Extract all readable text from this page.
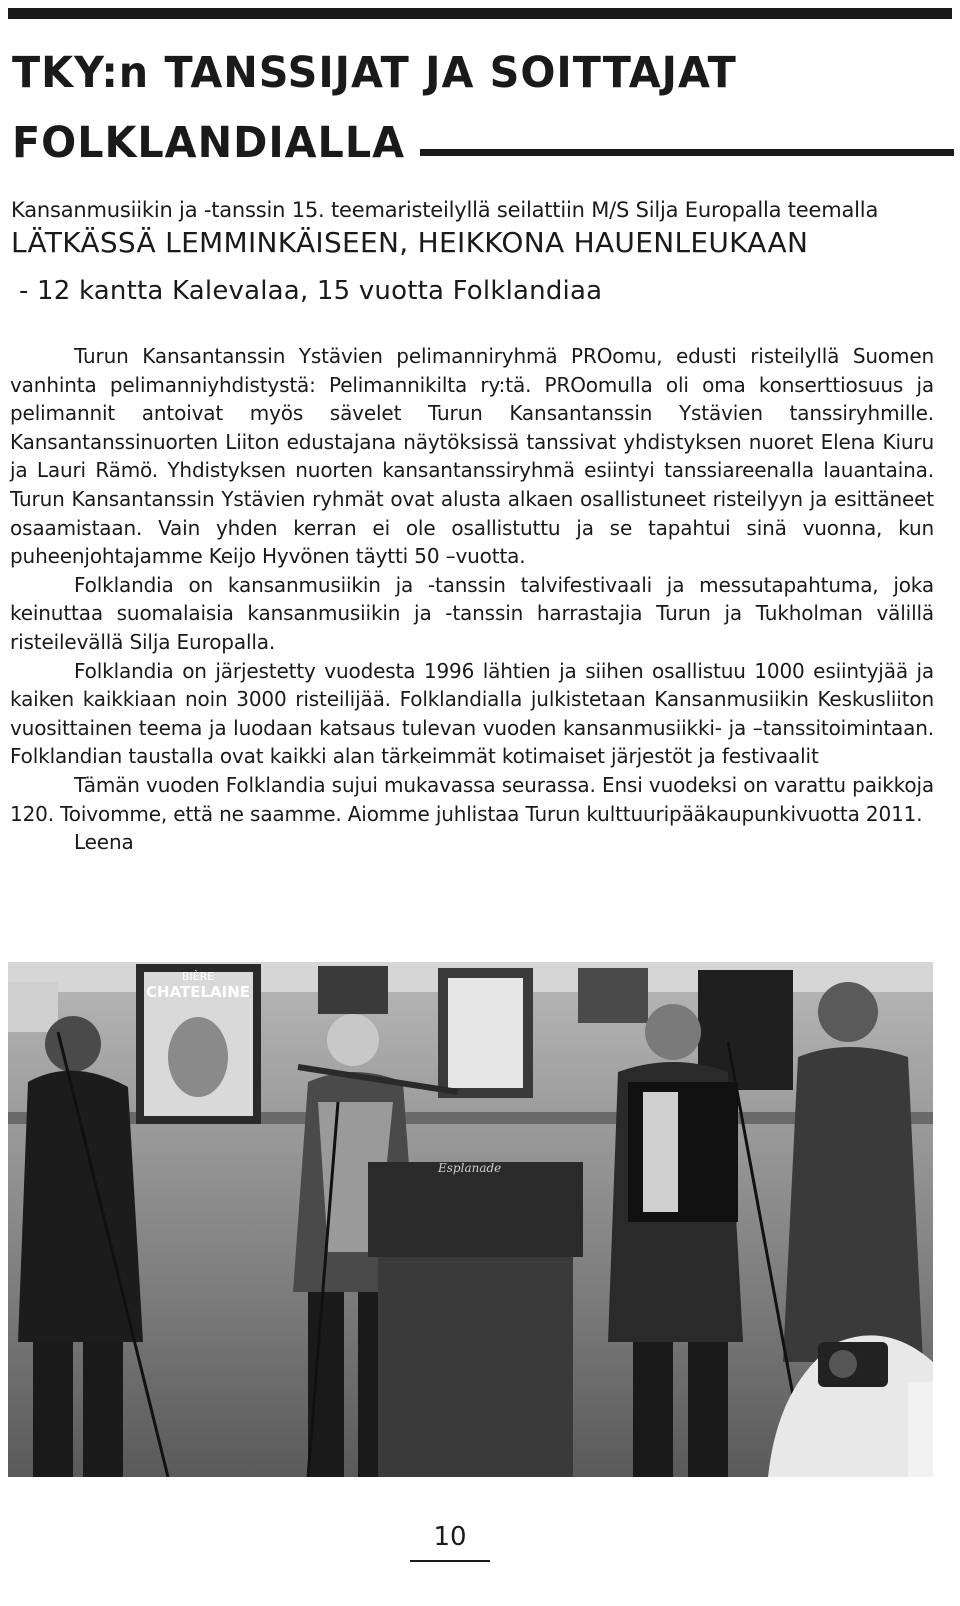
TKY:n TANSSIJAT JA SOITTAJAT
FOLKLANDIALLA

Kansanmusiikin ja -tanssin 15. teemaristeilyllä seilattiin M/S Silja Europalla teemalla

LÄTKÄSSÄ LEMMINKÄISEEN, HEIKKONA HAUENLEUKAAN

- 12 kantta Kalevalaa, 15 vuotta Folklandiaa

Turun Kansantanssin Ystävien pelimanniryhmä PROomu, edusti risteilyllä Suomen vanhinta pelimanniyhdistystä: Pelimannikilta ry:tä. PROomulla oli oma konserttiosuus ja pelimannit antoivat myös sävelet Turun Kansantanssin Ystävien tanssiryhmille. Kansantanssinuorten Liiton edustajana näytöksissä tanssivat yhdistyksen nuoret Elena Kiuru ja Lauri Rämö. Yhdistyksen nuorten kansantanssiryhmä esiintyi tanssiareenalla lauantaina. Turun Kansantanssin Ystävien ryhmät ovat alusta alkaen osallistuneet risteilyyn ja esittäneet osaamistaan. Vain yhden kerran ei ole osallistuttu ja se tapahtui sinä vuonna, kun puheenjohtajamme Keijo Hyvönen täytti 50 –vuotta.

Folklandia on kansanmusiikin ja -tanssin talvifestivaali ja messutapahtuma, joka keinuttaa suomalaisia kansanmusiikin ja -tanssin harrastajia Turun ja Tukholman välillä risteilevällä Silja Europalla.

Folklandia on järjestetty vuodesta 1996 lähtien ja siihen osallistuu 1000 esiintyjää ja kaiken kaikkiaan noin 3000 risteilijää. Folklandialla julkistetaan Kansanmusiikin Keskusliiton vuosittainen teema ja luodaan katsaus tulevan vuoden kansanmusiikki- ja –tanssitoimintaan. Folklandian taustalla ovat kaikki alan tärkeimmät kotimaiset järjestöt ja festivaalit

Tämän vuoden Folklandia sujui mukavassa seurassa. Ensi vuodeksi on varattu paikkoja 120. Toivomme, että ne saamme. Aiomme juhlistaa Turun kulttuuripääkaupunkivuotta 2011.

Leena
BIÈRE
CHATELAINE
Esplanade

10
